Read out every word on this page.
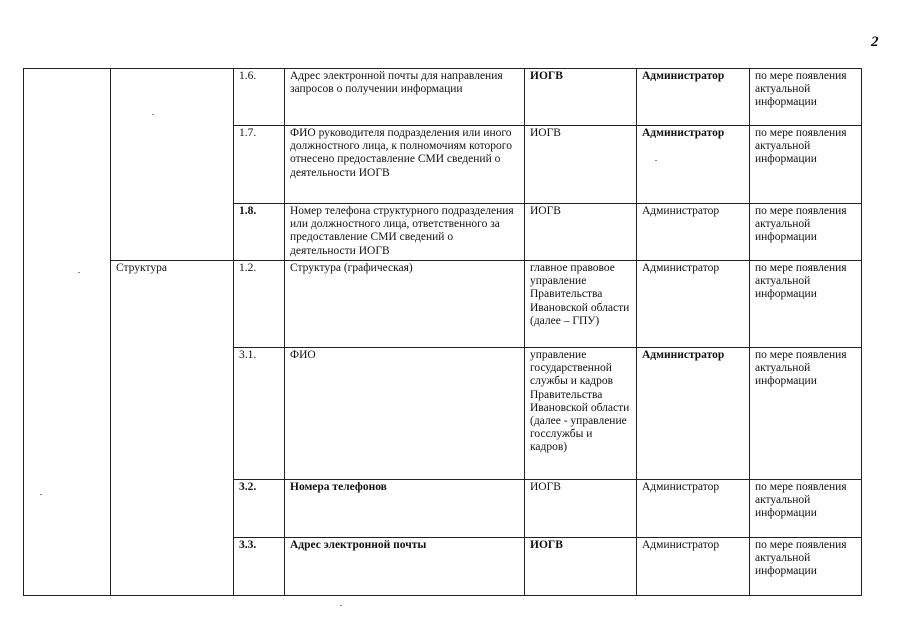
2
		1.6.	Адрес электронной почты для направления запросов о получении информации	ИОГВ	Администратор	по мере появления актуальной информации
		1.7.	ФИО руководителя подразделения или иного должностного лица, к полномочиям которого отнесено предоставление СМИ сведений о деятельности ИОГВ	ИОГВ	Администратор	по мере появления актуальной информации
		1.8.	Номер телефона структурного подразделения или должностного лица, ответственного за предоставление СМИ сведений о деятельности ИОГВ	ИОГВ	Администратор	по мере появления актуальной информации
	Структура	1.2.	Структура (графическая)	главное правовое управление Правительства Ивановской области (далее – ГПУ)	Администратор	по мере появления актуальной информации
		3.1.	ФИО	управление государственной службы и кадров Правительства Ивановской области (далее - управление госслужбы и кадров)	Администратор	по мере появления актуальной информации
		3.2.	Номера телефонов	ИОГВ	Администратор	по мере появления актуальной информации
		3.3.	Адрес электронной почты	ИОГВ	Администратор	по мере появления актуальной информации
